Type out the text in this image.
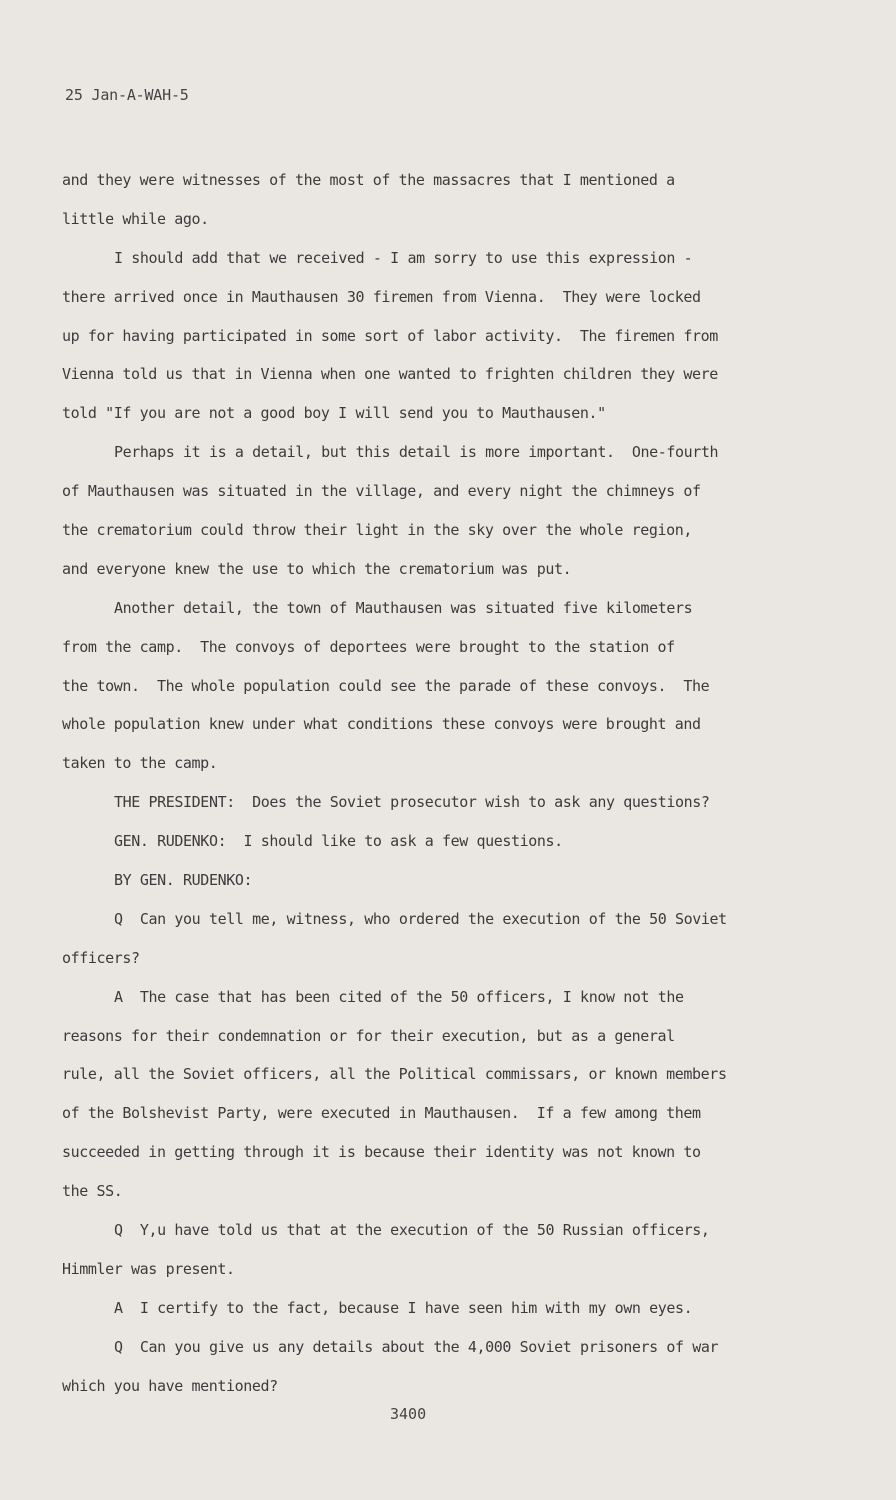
25 Jan-A-WAH-5
and they were witnesses of the most of the massacres that I mentioned a
little while ago.
I should add that we received - I am sorry to use this expression -
there arrived once in Mauthausen 30 firemen from Vienna.  They were locked
up for having participated in some sort of labor activity.  The firemen from
Vienna told us that in Vienna when one wanted to frighten children they were
told "If you are not a good boy I will send you to Mauthausen."
Perhaps it is a detail, but this detail is more important.  One-fourth
of Mauthausen was situated in the village, and every night the chimneys of
the crematorium could throw their light in the sky over the whole region,
and everyone knew the use to which the crematorium was put.
Another detail, the town of Mauthausen was situated five kilometers
from the camp.  The convoys of deportees were brought to the station of
the town.  The whole population could see the parade of these convoys.  The
whole population knew under what conditions these convoys were brought and
taken to the camp.
THE PRESIDENT:  Does the Soviet prosecutor wish to ask any questions?
GEN. RUDENKO:  I should like to ask a few questions.
BY GEN. RUDENKO:
Q  Can you tell me, witness, who ordered the execution of the 50 Soviet
officers?
A  The case that has been cited of the 50 officers, I know not the
reasons for their condemnation or for their execution, but as a general
rule, all the Soviet officers, all the Political commissars, or known members
of the Bolshevist Party, were executed in Mauthausen.  If a few among them
succeeded in getting through it is because their identity was not known to
the SS.
Q  Y,u have told us that at the execution of the 50 Russian officers,
Himmler was present.
A  I certify to the fact, because I have seen him with my own eyes.
Q  Can you give us any details about the 4,000 Soviet prisoners of war
which you have mentioned?
3400
